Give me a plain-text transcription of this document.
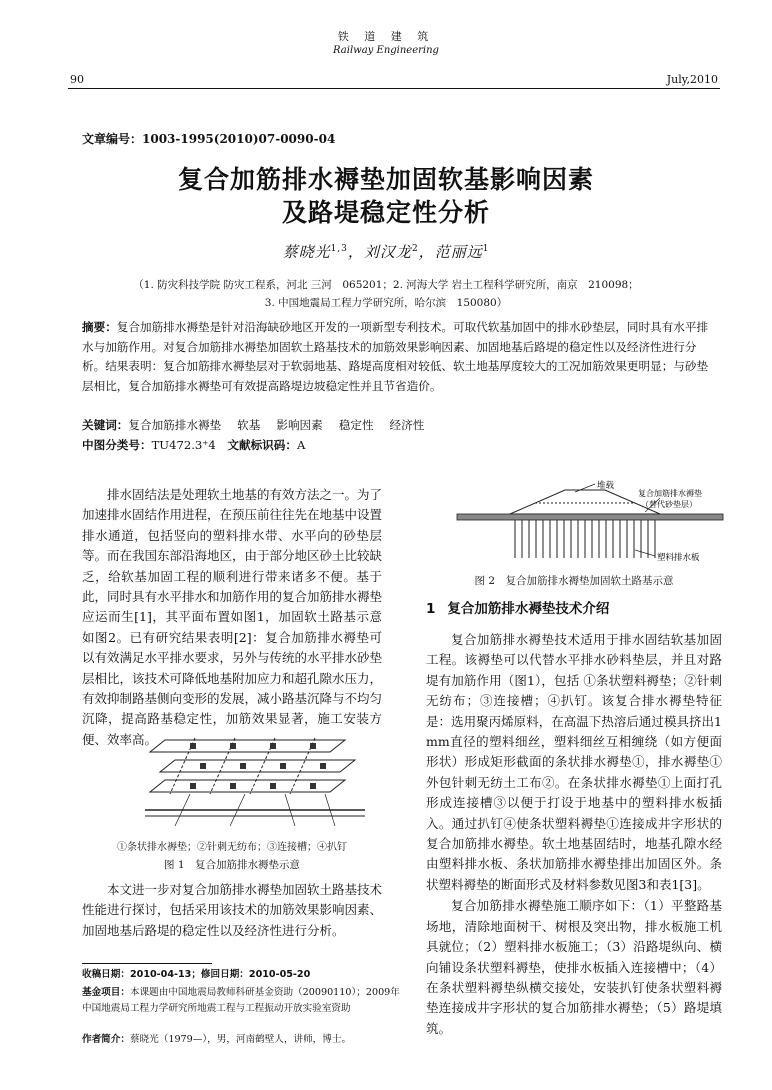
铁 道 建 筑
Railway Engineering
90	July,2010
文章编号：1003-1995(2010)07-0090-04
复合加筋排水褥垫加固软基影响因素
及路堤稳定性分析
蔡晓光$^{1,3}$，刘汉龙$^2$，范丽远$^1$
（1. 防灾科技学院 防灾工程系，河北 三河　065201；2. 河海大学 岩土工程科学研究所，南京　210098；
3. 中国地震局工程力学研究所，哈尔滨　150080）
摘要：复合加筋排水褥垫是针对沿海缺砂地区开发的一项新型专利技术。可取代软基加固中的排水砂垫层，同时具有水平排水与加筋作用。对复合加筋排水褥垫加固软土路基技术的加筋效果影响因素、加固地基后路堤的稳定性以及经济性进行分析。结果表明：复合加筋排水褥垫层对于软弱地基、路堤高度相对较低、软土地基厚度较大的工况加筋效果更明显；与砂垫层相比，复合加筋排水褥垫可有效提高路堤边坡稳定性并且节省造价。
关键词：复合加筋排水褥垫 软基 影响因素 稳定性 经济性
中图分类号：TU472.3⁺4　 文献标识码：A

排水固结法是处理软土地基的有效方法之一。为了加速排水固结作用进程，在预压前往往先在地基中设置排水通道，包括竖向的塑料排水带、水平向的砂垫层等。而在我国东部沿海地区，由于部分地区砂土比较缺乏，给软基加固工程的顺利进行带来诸多不便。基于此，同时具有水平排水和加筋作用的复合加筋排水褥垫应运而生[1]，其平面布置如图1，加固软土路基示意如图2。已有研究结果表明[2]：复合加筋排水褥垫可以有效满足水平排水要求，另外与传统的水平排水砂垫层相比，该技术可降低地基附加应力和超孔隙水压力，有效抑制路基侧向变形的发展，减小路基沉降与不均匀沉降，提高路基稳定性，加筋效果显著，施工安装方便、效率高。

①条状排水褥垫；②针刺无纺布；③连接槽；④扒钉
图 1　复合加筋排水褥垫示意

本文进一步对复合加筋排水褥垫加固软土路基技术性能进行探讨，包括采用该技术的加筋效果影响因素、加固地基后路堤的稳定性以及经济性进行分析。

堆载
复合加筋排水褥垫
（替代砂垫层）
塑料排水板
图 2　复合加筋排水褥垫加固软土路基示意
1 复合加筋排水褥垫技术介绍

复合加筋排水褥垫技术适用于排水固结软基加固工程。该褥垫可以代替水平排水砂料垫层，并且对路堤有加筋作用（图1），包括 ①条状塑料褥垫；②针刺无纺布；③连接槽；④扒钉。该复合排水褥垫特征是：选用聚丙烯原料，在高温下热溶后通过模具挤出1 mm直径的塑料细丝，塑料细丝互相缠绕（如方便面形状）形成矩形截面的条状排水褥垫①，排水褥垫①外包针刺无纺土工布②。在条状排水褥垫①上面打孔形成连接槽③以便于打设于地基中的塑料排水板插入。通过扒钉④使条状塑料褥垫①连接成井字形状的复合加筋排水褥垫。软土地基固结时，地基孔隙水经由塑料排水板、条状加筋排水褥垫排出加固区外。条状塑料褥垫的断面形式及材料参数见图3和表1[3]。

复合加筋排水褥垫施工顺序如下：（1）平整路基场地，清除地面树干、树根及突出物，排水板施工机具就位；（2）塑料排水板施工；（3）沿路堤纵向、横向铺设条状塑料褥垫，使排水板插入连接槽中；（4）在条状塑料褥垫纵横交接处，安装扒钉使条状塑料褥垫连接成井字形状的复合加筋排水褥垫；（5）路堤填筑。

收稿日期：2010-04-13；修回日期：2010-05-20
基金项目：本课题由中国地震局教师科研基金资助（20090110）；2009年中国地震局工程力学研究所地震工程与工程振动开放实验室资助
作者简介：蔡晓光（1979—），男，河南鹤壁人，讲师，博士。
